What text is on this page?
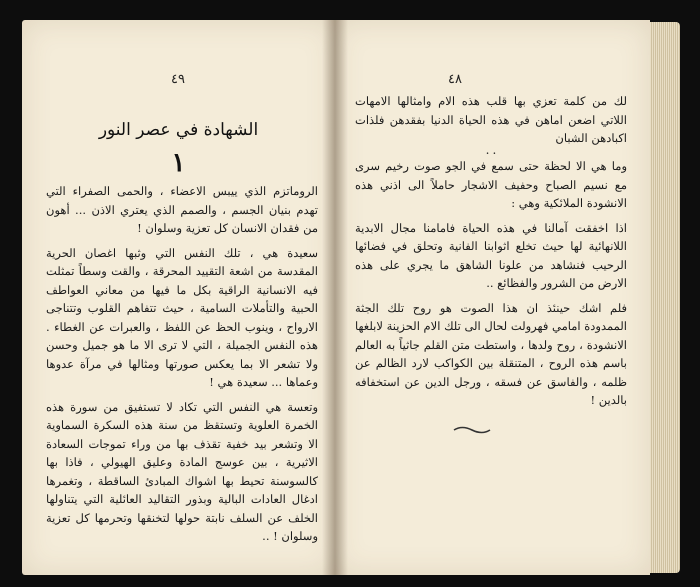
٤٩
الشهادة في عصر النور
١

الروماتزم الذي ييبس الاعضاء ، والحمى الصفراء التي تهدم بنيان الجسم ، والصمم الذي يعتري الاذن ... أهون من فقدان الانسان كل تعزية وسلوان !

سعيدة هي ، تلك النفس التي وثبها اغصان الحرية المقدسة من اشعة التقييد المحرقة ، والقت وسطاً تمثلت فيه الانسانية الراقية بكل ما فيها من معاني العواطف الحبية والتأملات السامية ، حيث تتفاهم القلوب وتتناجى الارواح ، وينوب الحظ عن اللفظ ، والعبرات عن الغطاء . هذه النفس الجميلة ، التي لا ترى الا ما هو جميل وحسن ولا تشعر الا بما يعكس صورتها ومثالها في مرآة عدوها وعماها ... سعيدة هي !

وتعسة هي النفس التي تكاد لا تستفيق من سورة هذه الخمرة العلوية وتستقظ من سنة هذه السكرة السماوية الا وتشعر بيد خفية تقذف بها من وراء تموجات السعادة الاثيرية ، بين عوسج المادة وعليق الهيولي ، فاذا بها كالسوسنة تحيط بها اشواك المبادئ الساقطة ، وتغمرها ادغال العادات البالية وبذور التقاليد العائلية التي يتناولها الخلف عن السلف نابتة حولها لتخنقها وتحرمها كل تعزية وسلوان ! ..

٤٨

لك من كلمة تعزي بها قلب هذه الام وامثالها الامهات اللاتي اضعن اماهن في هذه الحياة الدنيا بفقدهن فلذات اكبادهن الشبان

وما هي الا لحظة حتى سمع في الجو صوت رخيم سرى مع نسيم الصباح وحفيف الاشجار حاملاً الى اذني هذه الانشودة الملائكية وهي :

اذا اخفقت آمالنا في هذه الحياة فامامنا مجال الابدية اللانهائية لها حيث تخلع اثوابنا الفانية وتحلق في فضائها الرحيب فنشاهد من علونا الشاهق ما يجري على هذه الارض من الشرور والفظائع ..

فلم اشك حينئذ ان هذا الصوت هو روح تلك الجثة الممدودة امامي فهرولت لحال الى تلك الام الحزينة لابلغها الانشودة ، روح ولدها ، واستطت متن القلم جاثياً به العالم باسم هذه الروح ، المتنقلة بين الكواكب لارد الظالم عن ظلمه ، والفاسق عن فسقه ، ورجل الدين عن استخفافه بالدين !

..
